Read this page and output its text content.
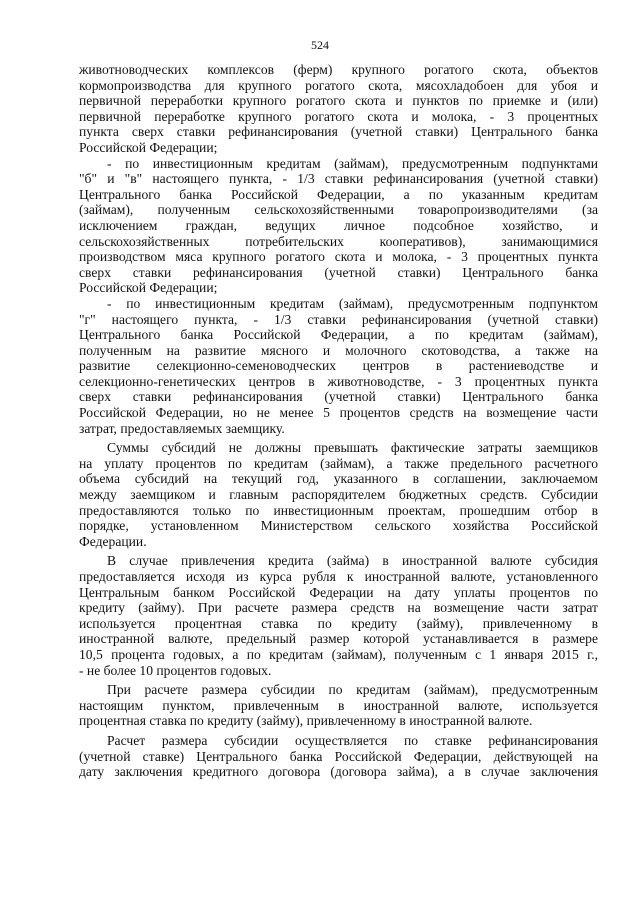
524
животноводческих комплексов (ферм) крупного рогатого скота, объектов
кормопроизводства для крупного рогатого скота, мясохладобоен для убоя и
первичной переработки крупного рогатого скота и пунктов по приемке и (или)
первичной переработке крупного рогатого скота и молока, - 3 процентных
пункта сверх ставки рефинансирования (учетной ставки) Центрального банка
Российской Федерации;
- по инвестиционным кредитам (займам), предусмотренным подпунктами
"б" и "в" настоящего пункта, - 1/3 ставки рефинансирования (учетной ставки)
Центрального банка Российской Федерации, а по указанным кредитам
(займам), полученным сельскохозяйственными товаропроизводителями (за
исключением граждан, ведущих личное подсобное хозяйство, и
сельскохозяйственных потребительских кооперативов), занимающимися
производством мяса крупного рогатого скота и молока, - 3 процентных пункта
сверх ставки рефинансирования (учетной ставки) Центрального банка
Российской Федерации;
- по инвестиционным кредитам (займам), предусмотренным подпунктом
"г" настоящего пункта, - 1/3 ставки рефинансирования (учетной ставки)
Центрального банка Российской Федерации, а по кредитам (займам),
полученным на развитие мясного и молочного скотоводства, а также на
развитие селекционно-семеноводческих центров в растениеводстве и
селекционно-генетических центров в животноводстве, - 3 процентных пункта
сверх ставки рефинансирования (учетной ставки) Центрального банка
Российской Федерации, но не менее 5 процентов средств на возмещение части
затрат, предоставляемых заемщику.
Суммы субсидий не должны превышать фактические затраты заемщиков
на уплату процентов по кредитам (займам), а также предельного расчетного
объема субсидий на текущий год, указанного в соглашении, заключаемом
между заемщиком и главным распорядителем бюджетных средств. Субсидии
предоставляются только по инвестиционным проектам, прошедшим отбор в
порядке, установленном Министерством сельского хозяйства Российской
Федерации.
В случае привлечения кредита (займа) в иностранной валюте субсидия
предоставляется исходя из курса рубля к иностранной валюте, установленного
Центральным банком Российской Федерации на дату уплаты процентов по
кредиту (займу). При расчете размера средств на возмещение части затрат
используется процентная ставка по кредиту (займу), привлеченному в
иностранной валюте, предельный размер которой устанавливается в размере
10,5 процента годовых, а по кредитам (займам), полученным с 1 января 2015 г.,
- не более 10 процентов годовых.
При расчете размера субсидии по кредитам (займам), предусмотренным
настоящим пунктом, привлеченным в иностранной валюте, используется
процентная ставка по кредиту (займу), привлеченному в иностранной валюте.
Расчет размера субсидии осуществляется по ставке рефинансирования
(учетной ставке) Центрального банка Российской Федерации, действующей на
дату заключения кредитного договора (договора займа), а в случае заключения
